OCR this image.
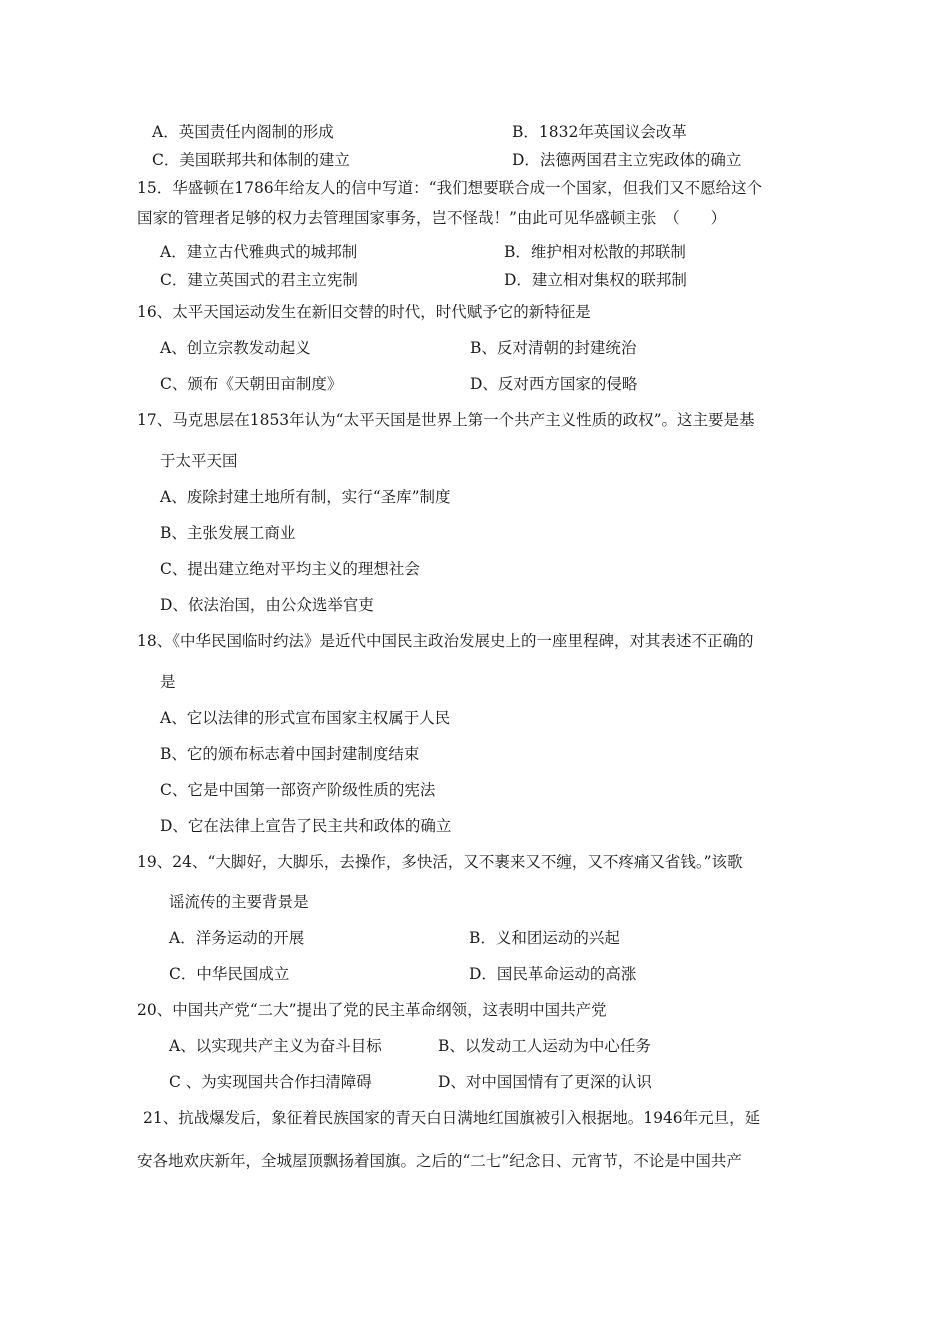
A．英国责任内阁制的形成	B．1832年英国议会改革
C．美国联邦共和体制的建立	D．法德两国君主立宪政体的确立
15．华盛顿在1786年给友人的信中写道：“我们想要联合成一个国家，但我们又不愿给这个
国家的管理者足够的权力去管理国家事务，岂不怪哉！”由此可见华盛顿主张　（　　）
A．建立古代雅典式的城邦制	B．维护相对松散的邦联制
C．建立英国式的君主立宪制	D．建立相对集权的联邦制
16、太平天国运动发生在新旧交替的时代，时代赋予它的新特征是
A、创立宗教发动起义	B、反对清朝的封建统治
C、颁布《天朝田亩制度》	D、反对西方国家的侵略
17、马克思层在1853年认为“太平天国是世界上第一个共产主义性质的政权”。这主要是基
于太平天国
A、废除封建土地所有制，实行“圣库”制度
B、主张发展工商业
C、提出建立绝对平均主义的理想社会
D、依法治国，由公众选举官吏
18、《中华民国临时约法》是近代中国民主政治发展史上的一座里程碑，对其表述不正确的
是
A、它以法律的形式宣布国家主权属于人民
B、它的颁布标志着中国封建制度结束
C、它是中国第一部资产阶级性质的宪法
D、它在法律上宣告了民主共和政体的确立
19、24、“大脚好，大脚乐，去操作，多快活，又不裹来又不缠，又不疼痛又省钱。”该歌
谣流传的主要背景是
A．洋务运动的开展	B．义和团运动的兴起
C．中华民国成立	D．国民革命运动的高涨
20、中国共产党“二大”提出了党的民主革命纲领，这表明中国共产党
A、以实现共产主义为奋斗目标	B、以发动工人运动为中心任务
C 、为实现国共合作扫清障碍	D、对中国国情有了更深的认识
21、抗战爆发后，象征着民族国家的青天白日满地红国旗被引入根据地。1946年元旦，延
安各地欢庆新年，全城屋顶飘扬着国旗。之后的“二七”纪念日、元宵节，不论是中国共产
